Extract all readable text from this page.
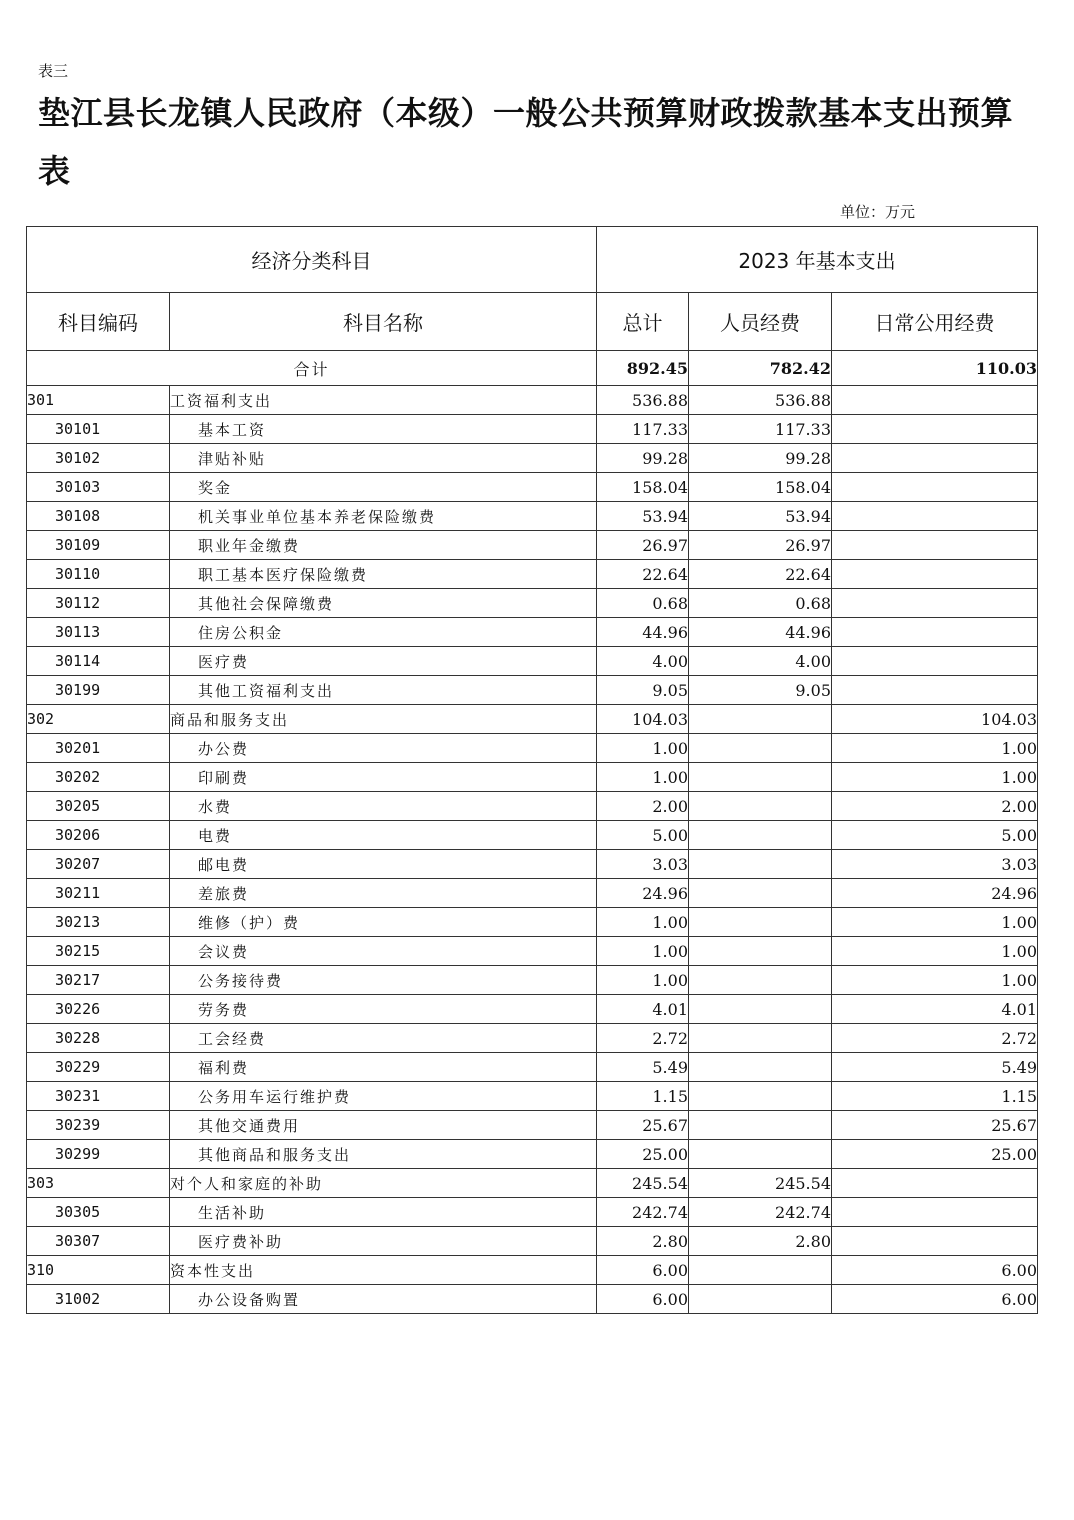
表三
垫江县长龙镇人民政府（本级）一般公共预算财政拨款基本支出预算表
单位：万元
经济分类科目		2023 年基本支出		
科目编码	科目名称	总计	人员经费	日常公用经费
合计		892.45	782.42	110.03
301	工资福利支出	536.88	536.88	
30101	基本工资	117.33	117.33	
30102	津贴补贴	99.28	99.28	
30103	奖金	158.04	158.04	
30108	机关事业单位基本养老保险缴费	53.94	53.94	
30109	职业年金缴费	26.97	26.97	
30110	职工基本医疗保险缴费	22.64	22.64	
30112	其他社会保障缴费	0.68	0.68	
30113	住房公积金	44.96	44.96	
30114	医疗费	4.00	4.00	
30199	其他工资福利支出	9.05	9.05	
302	商品和服务支出	104.03		104.03
30201	办公费	1.00		1.00
30202	印刷费	1.00		1.00
30205	水费	2.00		2.00
30206	电费	5.00		5.00
30207	邮电费	3.03		3.03
30211	差旅费	24.96		24.96
30213	维修（护）费	1.00		1.00
30215	会议费	1.00		1.00
30217	公务接待费	1.00		1.00
30226	劳务费	4.01		4.01
30228	工会经费	2.72		2.72
30229	福利费	5.49		5.49
30231	公务用车运行维护费	1.15		1.15
30239	其他交通费用	25.67		25.67
30299	其他商品和服务支出	25.00		25.00
303	对个人和家庭的补助	245.54	245.54	
30305	生活补助	242.74	242.74	
30307	医疗费补助	2.80	2.80	
310	资本性支出	6.00		6.00
31002	办公设备购置	6.00		6.00
